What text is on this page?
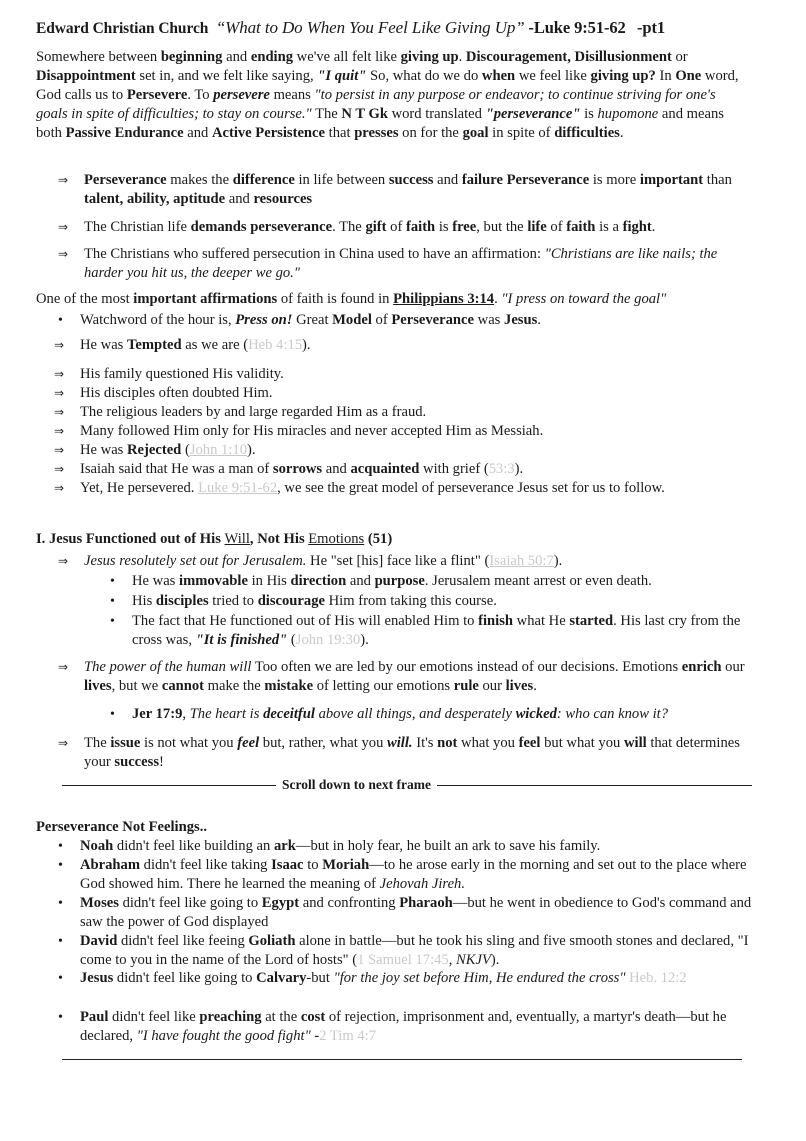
Edward Christian Church “What to Do When You Feel Like Giving Up” -Luke 9:51-62 -pt1
Somewhere between beginning and ending we've all felt like giving up. Discouragement, Disillusionment or Disappointment set in, and we felt like saying, "I quit" So, what do we do when we feel like giving up? In One word, God calls us to Persevere. To persevere means "to persist in any purpose or endeavor; to continue striving for one's goals in spite of difficulties; to stay on course." The N T Gk word translated "perseverance" is hupomone and means both Passive Endurance and Active Persistence that presses on for the goal in spite of difficulties.
⇒	Perseverance makes the difference in life between success and failure Perseverance is more important than talent, ability, aptitude and resources
⇒	The Christian life demands perseverance. The gift of faith is free, but the life of faith is a fight.
⇒	The Christians who suffered persecution in China used to have an affirmation: "Christians are like nails; the harder you hit us, the deeper we go."
One of the most important affirmations of faith is found in Philippians 3:14. "I press on toward the goal"
•	Watchword of the hour is, Press on! Great Model of Perseverance was Jesus.
⇒	He was Tempted as we are (Heb 4:15).
⇒	His family questioned His validity.
⇒	His disciples often doubted Him.
⇒	The religious leaders by and large regarded Him as a fraud.
⇒	Many followed Him only for His miracles and never accepted Him as Messiah.
⇒	He was Rejected (John 1:10).
⇒	Isaiah said that He was a man of sorrows and acquainted with grief (53:3).
⇒	Yet, He persevered. Luke 9:51-62, we see the great model of perseverance Jesus set for us to follow.
I. Jesus Functioned out of His Will, Not His Emotions (51)
⇒	Jesus resolutely set out for Jerusalem. He "set [his] face like a flint" (Isaiah 50:7).
•	He was immovable in His direction and purpose. Jerusalem meant arrest or even death.
•	His disciples tried to discourage Him from taking this course.
•	The fact that He functioned out of His will enabled Him to finish what He started. His last cry from the cross was, "It is finished" (John 19:30).
⇒	The power of the human will Too often we are led by our emotions instead of our decisions. Emotions enrich our lives, but we cannot make the mistake of letting our emotions rule our lives.
•	Jer 17:9, The heart is deceitful above all things, and desperately wicked: who can know it?
⇒	The issue is not what you feel but, rather, what you will. It's not what you feel but what you will that determines your success!
Scroll down to next frame
Perseverance Not Feelings..
•	Noah didn't feel like building an ark—but in holy fear, he built an ark to save his family.
•	Abraham didn't feel like taking Isaac to Moriah—to he arose early in the morning and set out to the place where God showed him. There he learned the meaning of Jehovah Jireh.
•	Moses didn't feel like going to Egypt and confronting Pharaoh—but he went in obedience to God's command and saw the power of God displayed
•	David didn't feel like feeing Goliath alone in battle—but he took his sling and five smooth stones and declared, "I come to you in the name of the Lord of hosts" (1 Samuel 17:45, NKJV).
•	Jesus didn't feel like going to Calvary-but "for the joy set before Him, He endured the cross" Heb. 12:2
•	Paul didn't feel like preaching at the cost of rejection, imprisonment and, eventually, a martyr's death—but he declared, "I have fought the good fight" -2 Tim 4:7
